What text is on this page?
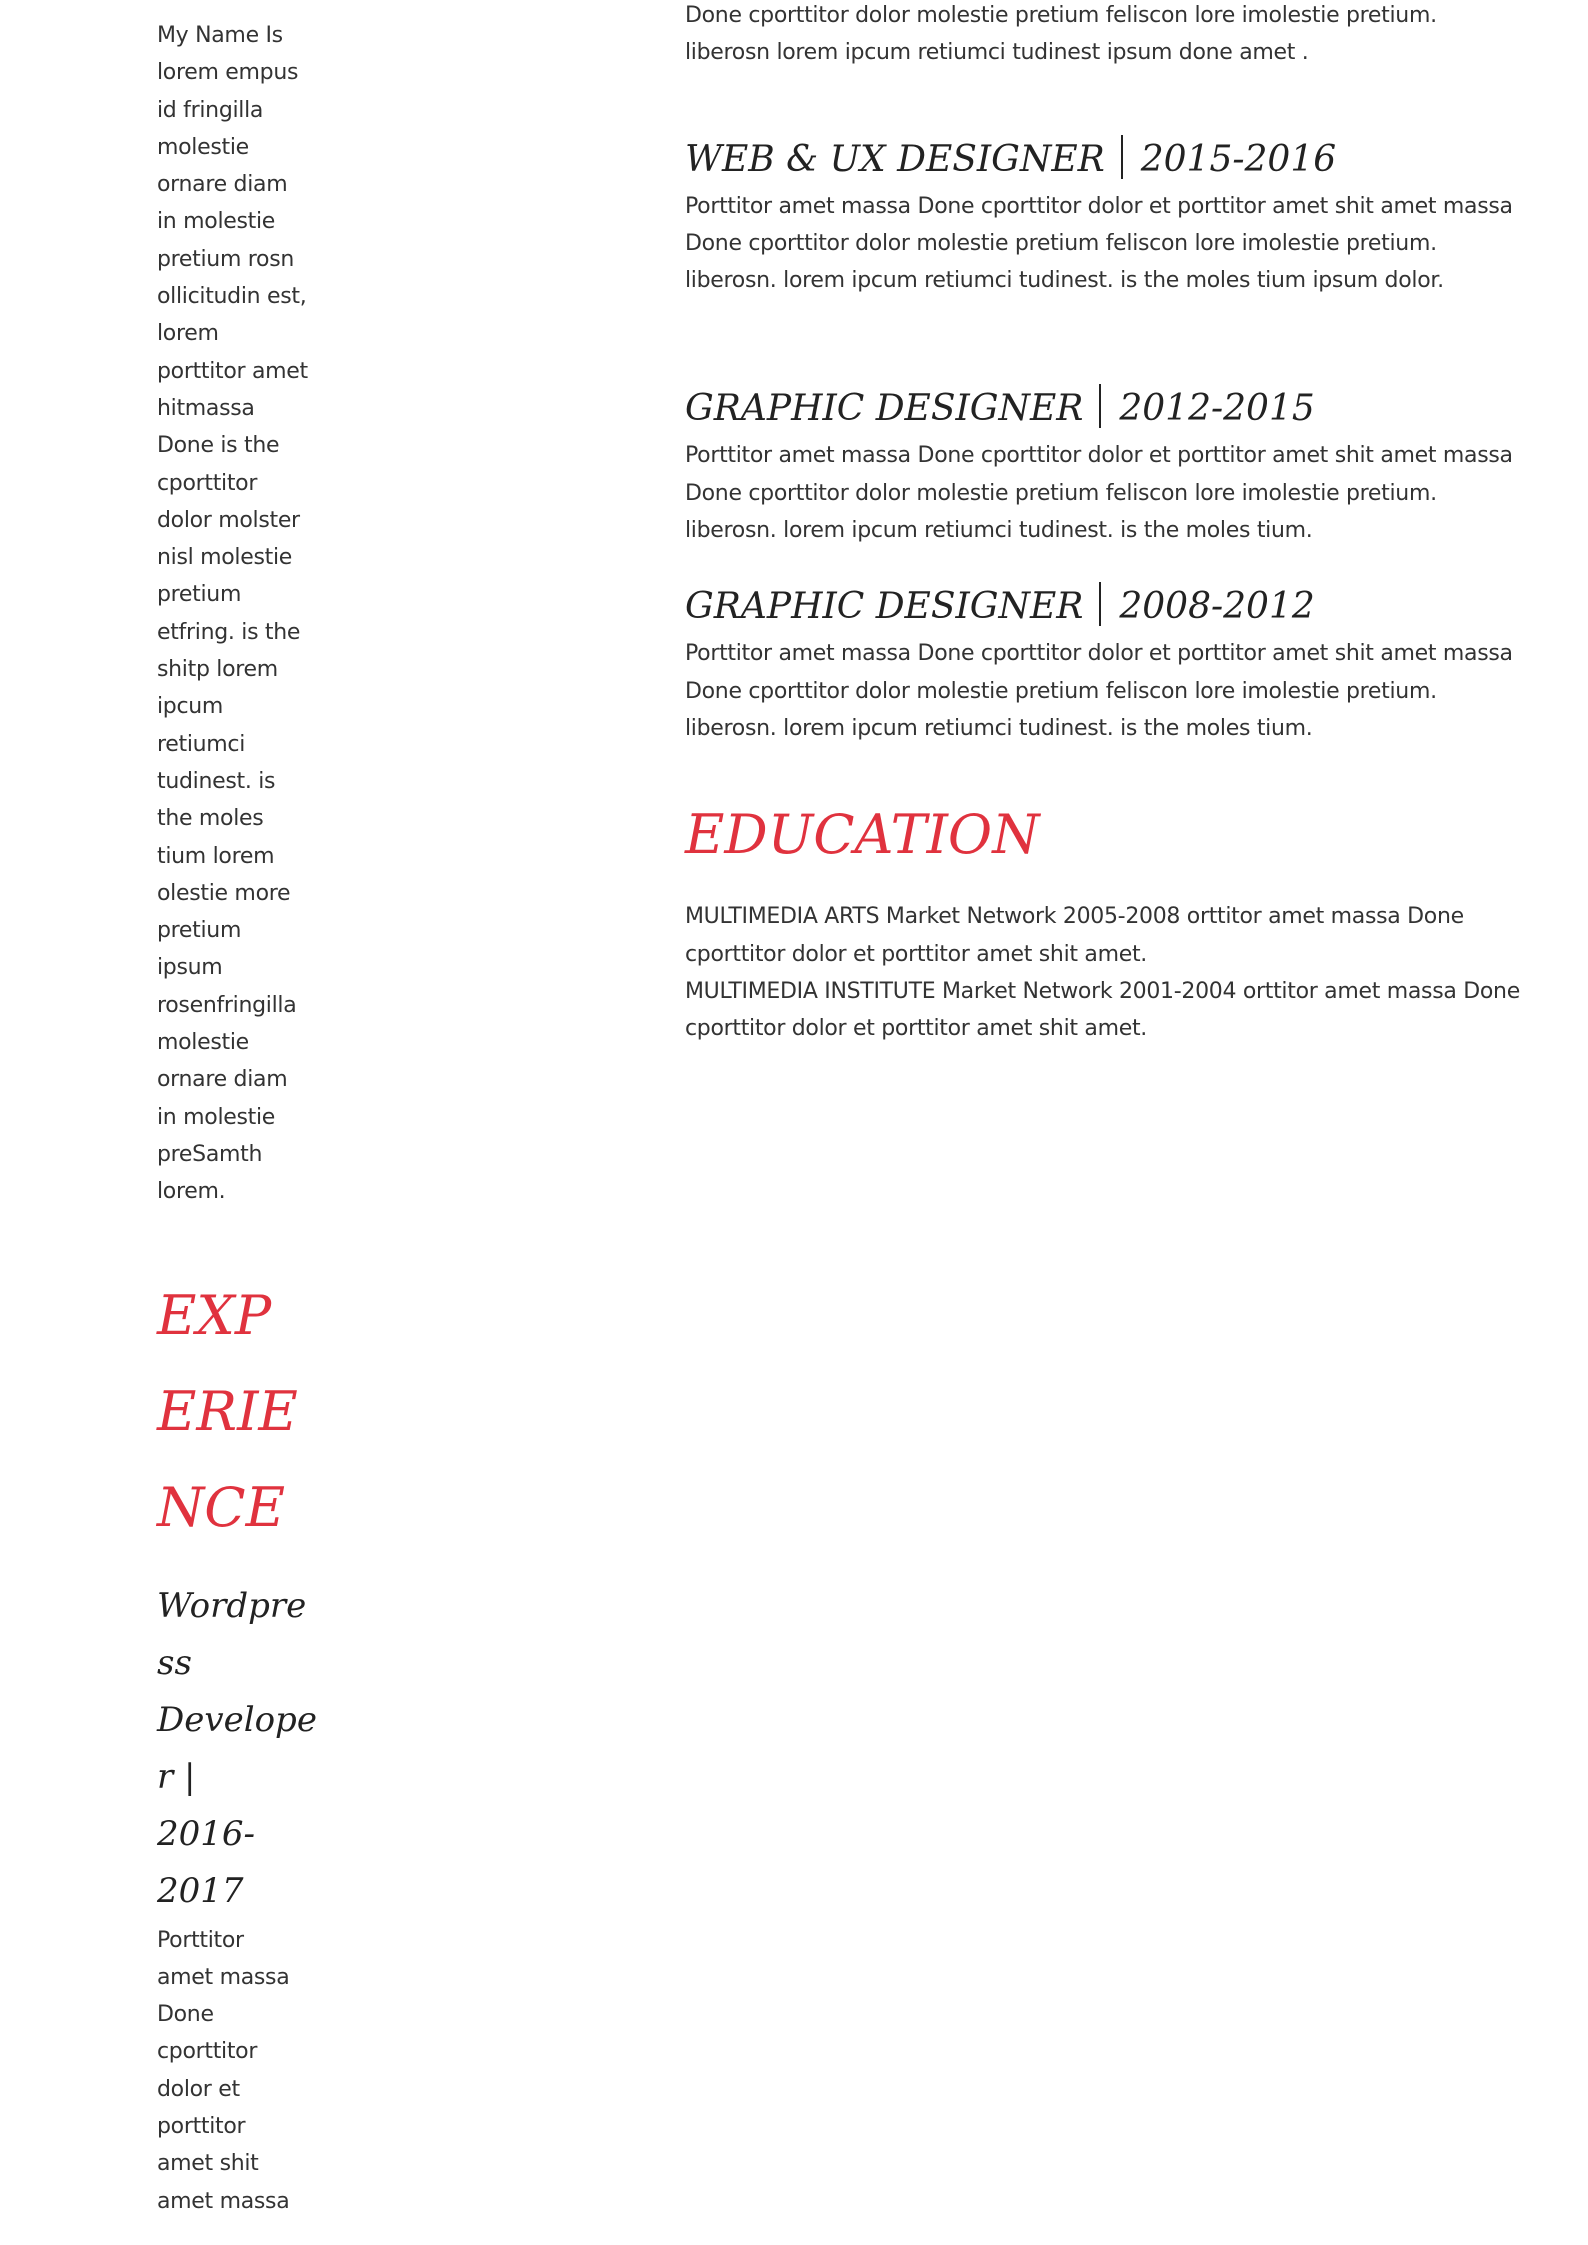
My Name Is
lorem empus
id fringilla
molestie
ornare diam
in molestie
pretium rosn
ollicitudin est,
lorem
porttitor amet
hitmassa
Done is the
cporttitor
dolor molster
nisl molestie
pretium
etfring. is the
shitp lorem
ipcum
retiumci
tudinest. is
the moles
tium lorem
olestie more
pretium
ipsum
rosenfringilla
molestie
ornare diam
in molestie
preSamth
lorem.
EXP
ERIE
NCE
Wordpre
ss
Develope
r |
2016-
2017
Porttitor
amet massa
Done
cporttitor
dolor et
porttitor
amet shit
amet massa
Done cporttitor dolor molestie pretium feliscon lore imolestie pretium.
liberosn lorem ipcum retiumci tudinest ipsum done amet .
WEB & UX DESIGNER 2015-2016
Porttitor amet massa Done cporttitor dolor et porttitor amet shit amet massa
Done cporttitor dolor molestie pretium feliscon lore imolestie pretium.
liberosn. lorem ipcum retiumci tudinest. is the moles tium ipsum dolor.
GRAPHIC DESIGNER 2012-2015
Porttitor amet massa Done cporttitor dolor et porttitor amet shit amet massa
Done cporttitor dolor molestie pretium feliscon lore imolestie pretium.
liberosn. lorem ipcum retiumci tudinest. is the moles tium.
GRAPHIC DESIGNER 2008-2012
Porttitor amet massa Done cporttitor dolor et porttitor amet shit amet massa
Done cporttitor dolor molestie pretium feliscon lore imolestie pretium.
liberosn. lorem ipcum retiumci tudinest. is the moles tium.
EDUCATION
MULTIMEDIA ARTS Market Network 2005-2008 orttitor amet massa Done
cporttitor dolor et porttitor amet shit amet.
MULTIMEDIA INSTITUTE Market Network 2001-2004 orttitor amet massa Done
cporttitor dolor et porttitor amet shit amet.
